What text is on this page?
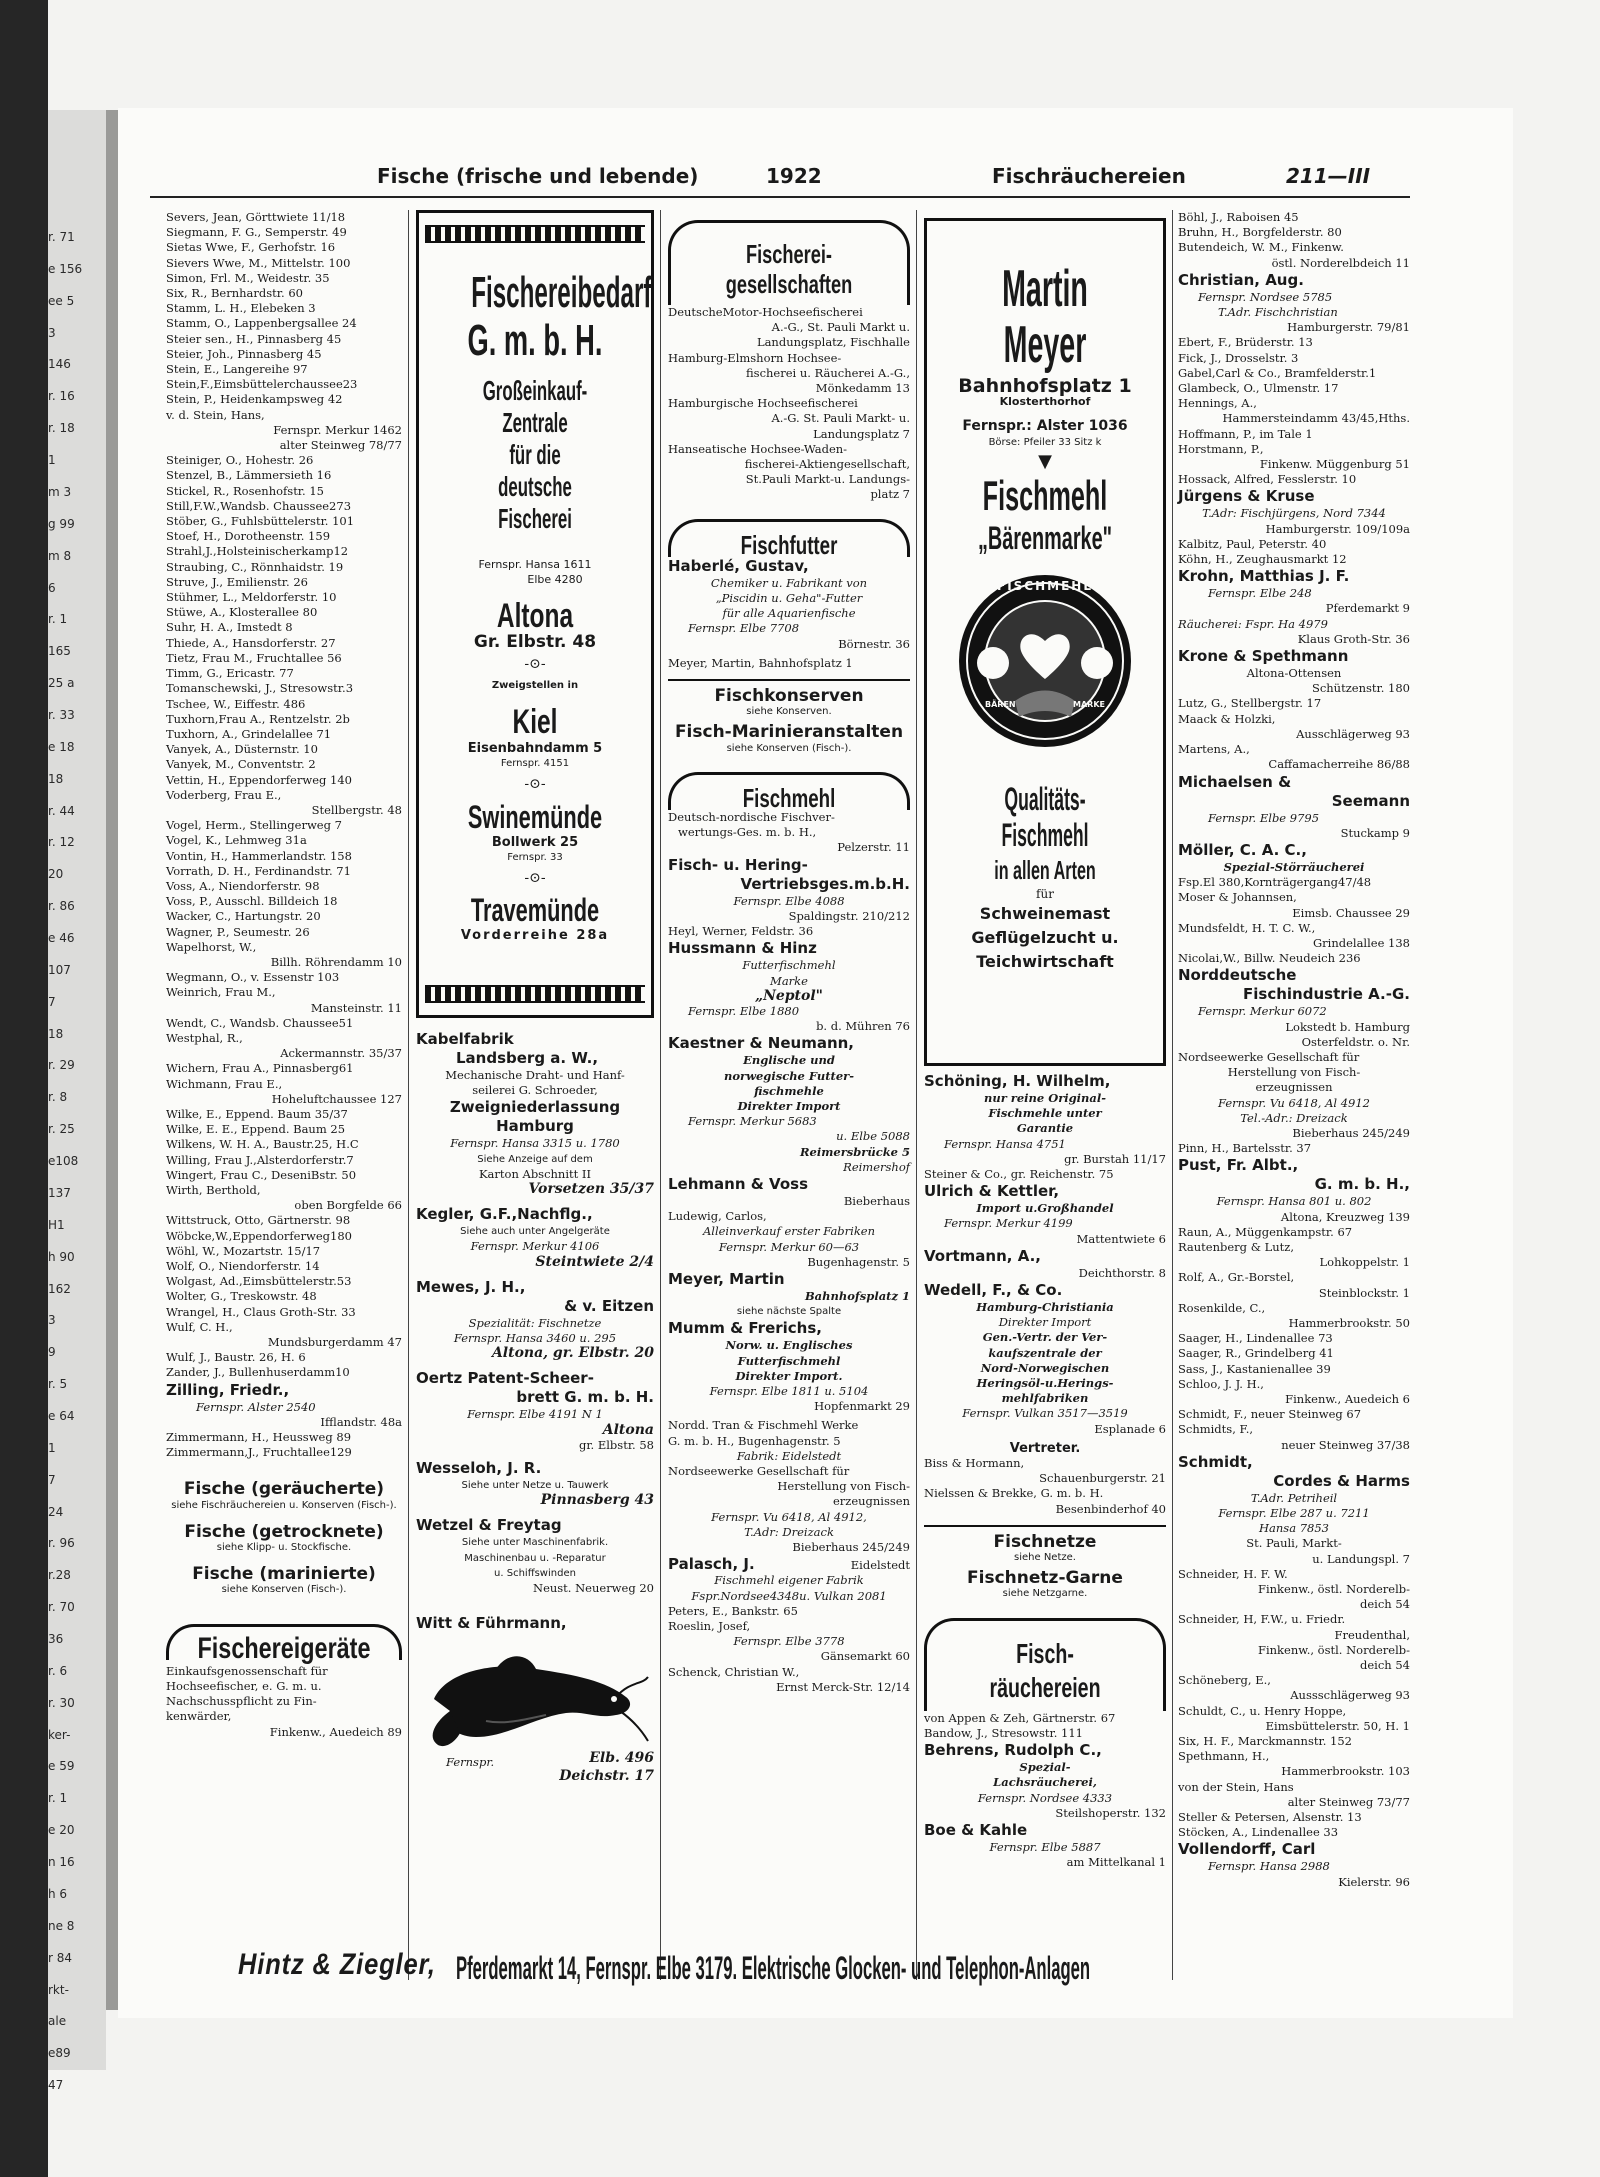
r. 71
e 156
ee 5
3
146
r. 16
r. 18
1
m 3
g 99
m 8
6
r. 1
165
25 a
r. 33
e 18
18
r. 44
r. 12
20
r. 86
e 46
107
7
18
r. 29
r. 8
r. 25
e108
137
H1
h 90
162
3
9
r. 5
e 64
1
7
24
r. 96
r.28
r. 70
36
r. 6
r. 30
ker-
e 59
r. 1
e 20
n 16
h 6
ne 8
r 84
rkt-
ale
e89
47
Fische (frische und lebende)	1922	Fischräuchereien	211—III
Severs, Jean, Görttwiete 11/18
Siegmann, F. G., Semperstr. 49
Sietas Wwe, F., Gerhofstr. 16
Sievers Wwe, M., Mittelstr. 100
Simon, Frl. M., Weidestr. 35
Six, R., Bernhardstr. 60
Stamm, L. H., Elebeken 3
Stamm, O., Lappenbergsallee 24
Steier sen., H., Pinnasberg 45
Steier, Joh., Pinnasberg 45
Stein, E., Langereihe 97
Stein,F.,Eimsbüttelerchaussee23
Stein, P., Heidenkampsweg 42
v. d. Stein, Hans,
Fernspr. Merkur 1462
alter Steinweg 78/77
Steiniger, O., Hohestr. 26
Stenzel, B., Lämmersieth 16
Stickel, R., Rosenhofstr. 15
Still,F.W.,Wandsb. Chaussee273
Stöber, G., Fuhlsbüttelerstr. 101
Stoef, H., Dorotheenstr. 159
Strahl,J.,Holsteinischerkamp12
Straubing, C., Rönnhaidstr. 19
Struve, J., Emilienstr. 26
Stühmer, L., Meldorferstr. 10
Stüwe, A., Klosterallee 80
Suhr, H. A., Imstedt 8
Thiede, A., Hansdorferstr. 27
Tietz, Frau M., Fruchtallee 56
Timm, G., Ericastr. 77
Tomanschewski, J., Stresowstr.3
Tschee, W., Eiffestr. 486
Tuxhorn,Frau A., Rentzelstr. 2b
Tuxhorn, A., Grindelallee 71
Vanyek, A., Düsternstr. 10
Vanyek, M., Conventstr. 2
Vettin, H., Eppendorferweg 140
Voderberg, Frau E.,
Stellbergstr. 48
Vogel, Herm., Stellingerweg 7
Vogel, K., Lehmweg 31a
Vontin, H., Hammerlandstr. 158
Vorrath, D. H., Ferdinandstr. 71
Voss, A., Niendorferstr. 98
Voss, P., Ausschl. Billdeich 18
Wacker, C., Hartungstr. 20
Wagner, P., Seumestr. 26
Wapelhorst, W.,
Billh. Röhrendamm 10
Wegmann, O., v. Essenstr 103
Weinrich, Frau M.,
Mansteinstr. 11
Wendt, C., Wandsb. Chaussee51
Westphal, R.,
Ackermannstr. 35/37
Wichern, Frau A., Pinnasberg61
Wichmann, Frau E.,
Hoheluftchaussee 127
Wilke, E., Eppend. Baum 35/37
Wilke, E. E., Eppend. Baum 25
Wilkens, W. H. A., Baustr.25, H.C
Willing, Frau J.,Alsterdorferstr.7
Wingert, Frau C., DeseniBstr. 50
Wirth, Berthold,
oben Borgfelde 66
Wittstruck, Otto, Gärtnerstr. 98
Wöbcke,W.,Eppendorferweg180
Wöhl, W., Mozartstr. 15/17
Wolf, O., Niendorferstr. 14
Wolgast, Ad.,Eimsbüttelerstr.53
Wolter, G., Treskowstr. 48
Wrangel, H., Claus Groth-Str. 33
Wulf, C. H.,
Mundsburgerdamm 47
Wulf, J., Baustr. 26, H. 6
Zander, J., Bullenhuserdamm10
Zilling, Friedr.,
Fernspr. Alster 2540
Ifflandstr. 48a
Zimmermann, H., Heussweg 89
Zimmermann,J., Fruchtallee129
Fische (geräucherte)
siehe Fischräuchereien u. Konserven (Fisch-).
Fische (getrocknete)
siehe Klipp- u. Stockfische.
Fische (marinierte)
siehe Konserven (Fisch-).
Fischereigeräte
Einkaufsgenossenschaft für
Hochseefischer, e. G. m. u.
Nachschusspflicht zu Fin-
kenwärder,
Finkenw., Auedeich 89
Fischereibedarf
G. m. b. H.
Großeinkauf-Zentrale
für die
deutsche Fischerei
Fernspr. Hansa 1611
Elbe 4280
Altona
Gr. Elbstr. 48
-⊙-
Zweigstellen in
Kiel
Eisenbahndamm 5
Fernspr. 4151
-⊙-
Swinemünde
Bollwerk 25
Fernspr. 33
-⊙-
Travemünde
Vorderreihe 28a
Kabelfabrik
Landsberg a. W.,
Mechanische Draht- und Hanf-
seilerei G. Schroeder,
Zweigniederlassung
Hamburg
Fernspr. Hansa 3315 u. 1780
Siehe Anzeige auf dem
Karton Abschnitt II
Vorsetzen 35/37
Kegler, G.F.,Nachflg.,
Siehe auch unter Angelgeräte
Fernspr. Merkur 4106
Steintwiete 2/4
Mewes, J. H.,
& v. Eitzen
Spezialität: Fischnetze
Fernspr. Hansa 3460 u. 295
Altona, gr. Elbstr. 20
Oertz Patent-Scheer-
brett G. m. b. H.
Fernspr. Elbe 4191 N 1
Altona
gr. Elbstr. 58
Wesseloh, J. R.
Siehe unter Netze u. Tauwerk
Pinnasberg 43
Wetzel & Freytag
Siehe unter Maschinenfabrik.
Maschinenbau u. -Reparatur
u. Schiffswinden
Neust. Neuerweg 20
Witt & Führmann,
Fernspr.	Elb. 496
Deichstr. 17
Fischerei-
gesellschaften
DeutscheMotor-Hochseefischerei
A.-G., St. Pauli Markt u.
Landungsplatz, Fischhalle
Hamburg-Elmshorn Hochsee-
fischerei u. Räucherei A.-G.,
Mönkedamm 13
Hamburgische Hochseefischerei
A.-G. St. Pauli Markt- u.
Landungsplatz 7
Hanseatische Hochsee-Waden-
fischerei-Aktiengesellschaft,
St.Pauli Markt-u. Landungs-
platz 7
Fischfutter
Haberlé, Gustav,
Chemiker u. Fabrikant von
„Piscidin u. Geha"-Futter
für alle Aquarienfische
Fernspr. Elbe 7708
Börnestr. 36
Meyer, Martin, Bahnhofsplatz 1
Fischkonserven
siehe Konserven.
Fisch-Marinieranstalten
siehe Konserven (Fisch-).
Fischmehl
Deutsch-nordische Fischver-
wertungs-Ges. m. b. H.,
Pelzerstr. 11
Fisch- u. Hering-
Vertriebsges.m.b.H.
Fernspr. Elbe 4088
Spaldingstr. 210/212
Heyl, Werner, Feldstr. 36
Hussmann & Hinz
Futterfischmehl
Marke
„Neptol"
Fernspr. Elbe 1880
b. d. Mühren 76
Kaestner & Neumann,
Englische und
norwegische Futter-
fischmehle
Direkter Import
Fernspr. Merkur 5683
u. Elbe 5088
Reimersbrücke 5
Reimershof
Lehmann & Voss
Bieberhaus
Ludewig, Carlos,
Alleinverkauf erster Fabriken
Fernspr. Merkur 60—63
Bugenhagenstr. 5
Meyer, Martin
Bahnhofsplatz 1
siehe nächste Spalte
Mumm & Frerichs,
Norw. u. Englisches
Futterfischmehl
Direkter Import.
Fernspr. Elbe 1811 u. 5104
Hopfenmarkt 29
Nordd. Tran & Fischmehl Werke
G. m. b. H., Bugenhagenstr. 5
Fabrik: Eidelstedt
Nordseewerke Gesellschaft für
Herstellung von Fisch-
erzeugnissen
Fernspr. Vu 6418, Al 4912,
T.Adr: Dreizack
Bieberhaus 245/249
Palasch, J.	Eidelstedt
Fischmehl eigener Fabrik
Fspr.Nordsee4348u. Vulkan 2081
Peters, E., Bankstr. 65
Roeslin, Josef,
Fernspr. Elbe 3778
Gänsemarkt 60
Schenck, Christian W.,
Ernst Merck-Str. 12/14
Martin Meyer
Bahnhofsplatz 1
Klosterthorhof
Fernspr.: Alster 1036
Börse: Pfeiler 33 Sitz k
▼
Fischmehl
„Bärenmarke"
FISCHMEHL
BÄREN	MARKE
Qualitäts-Fischmehl
in allen Arten
für
Schweinemast
Geflügelzucht u.
Teichwirtschaft
Schöning, H. Wilhelm,
nur reine Original-
Fischmehle unter
Garantie
Fernspr. Hansa 4751
gr. Burstah 11/17
Steiner & Co., gr. Reichenstr. 75
Ulrich & Kettler,
Import u.Großhandel
Fernspr. Merkur 4199
Mattentwiete 6
Vortmann, A.,
Deichthorstr. 8
Wedell, F., & Co.
Hamburg-Christiania
Direkter Import
Gen.-Vertr. der Ver-
kaufszentrale der
Nord-Norwegischen
Heringsöl-u.Herings-
mehlfabriken
Fernspr. Vulkan 3517—3519
Esplanade 6
Vertreter.
Biss & Hormann,
Schauenburgerstr. 21
Nielssen & Brekke, G. m. b. H.
Besenbinderhof 40
Fischnetze
siehe Netze.
Fischnetz-Garne
siehe Netzgarne.
Fisch-
räuchereien
von Appen & Zeh, Gärtnerstr. 67
Bandow, J., Stresowstr. 111
Behrens, Rudolph C.,
Spezial-
Lachsräucherei,
Fernspr. Nordsee 4333
Steilshoperstr. 132
Boe & Kahle
Fernspr. Elbe 5887
am Mittelkanal 1
Böhl, J., Raboisen 45
Bruhn, H., Borgfelderstr. 80
Butendeich, W. M., Finkenw.
östl. Norderelbdeich 11
Christian, Aug.
Fernspr. Nordsee 5785
T.Adr. Fischchristian
Hamburgerstr. 79/81
Ebert, F., Brüderstr. 13
Fick, J., Drosselstr. 3
Gabel,Carl & Co., Bramfelderstr.1
Glambeck, O., Ulmenstr. 17
Hennings, A.,
Hammersteindamm 43/45,Hths.
Hoffmann, P., im Tale 1
Horstmann, P.,
Finkenw. Müggenburg 51
Hossack, Alfred, Fesslerstr. 10
Jürgens & Kruse
T.Adr: Fischjürgens, Nord 7344
Hamburgerstr. 109/109a
Kalbitz, Paul, Peterstr. 40
Köhn, H., Zeughausmarkt 12
Krohn, Matthias J. F.
Fernspr. Elbe 248
Pferdemarkt 9
Räucherei: Fspr. Ha 4979
Klaus Groth-Str. 36
Krone & Spethmann
Altona-Ottensen
Schützenstr. 180
Lutz, G., Stellbergstr. 17
Maack & Holzki,
Ausschlägerweg 93
Martens, A.,
Caffamacherreihe 86/88
Michaelsen &
Seemann
Fernspr. Elbe 9795
Stuckamp 9
Möller, C. A. C.,
Spezial-Störräucherei
Fsp.El 380,Kornträgergang47/48
Moser & Johannsen,
Eimsb. Chaussee 29
Mundsfeldt, H. T. C. W.,
Grindelallee 138
Nicolai,W., Billw. Neudeich 236
Norddeutsche
Fischindustrie A.-G.
Fernspr. Merkur 6072
Lokstedt b. Hamburg
Osterfeldstr. o. Nr.
Nordseewerke Gesellschaft für
Herstellung von Fisch-
erzeugnissen
Fernspr. Vu 6418, Al 4912
Tel.-Adr.: Dreizack
Bieberhaus 245/249
Pinn, H., Bartelsstr. 37
Pust, Fr. Albt.,
G. m. b. H.,
Fernspr. Hansa 801 u. 802
Altona, Kreuzweg 139
Raun, A., Müggenkampstr. 67
Rautenberg & Lutz,
Lohkoppelstr. 1
Rolf, A., Gr.-Borstel,
Steinblockstr. 1
Rosenkilde, C.,
Hammerbrookstr. 50
Saager, H., Lindenallee 73
Saager, R., Grindelberg 41
Sass, J., Kastanienallee 39
Schloo, J. J. H.,
Finkenw., Auedeich 6
Schmidt, F., neuer Steinweg 67
Schmidts, F.,
neuer Steinweg 37/38
Schmidt,
Cordes & Harms
T.Adr. Petriheil
Fernspr. Elbe 287 u. 7211
Hansa 7853
St. Pauli, Markt-
u. Landungspl. 7
Schneider, H. F. W.
Finkenw., östl. Norderelb-
deich 54
Schneider, H, F.W., u. Friedr.
Freudenthal,
Finkenw., östl. Norderelb-
deich 54
Schöneberg, E.,
Aussschlägerweg 93
Schuldt, C., u. Henry Hoppe,
Eimsbüttelerstr. 50, H. 1
Six, H. F., Marckmannstr. 152
Spethmann, H.,
Hammerbrookstr. 103
von der Stein, Hans
alter Steinweg 73/77
Steller & Petersen, Alsenstr. 13
Stöcken, A., Lindenallee 33
Vollendorff, Carl
Fernspr. Hansa 2988
Kielerstr. 96
Hintz & Ziegler, Pferdemarkt 14, Fernspr. Elbe 3179. Elektrische Glocken- und Telephon-Anlagen
